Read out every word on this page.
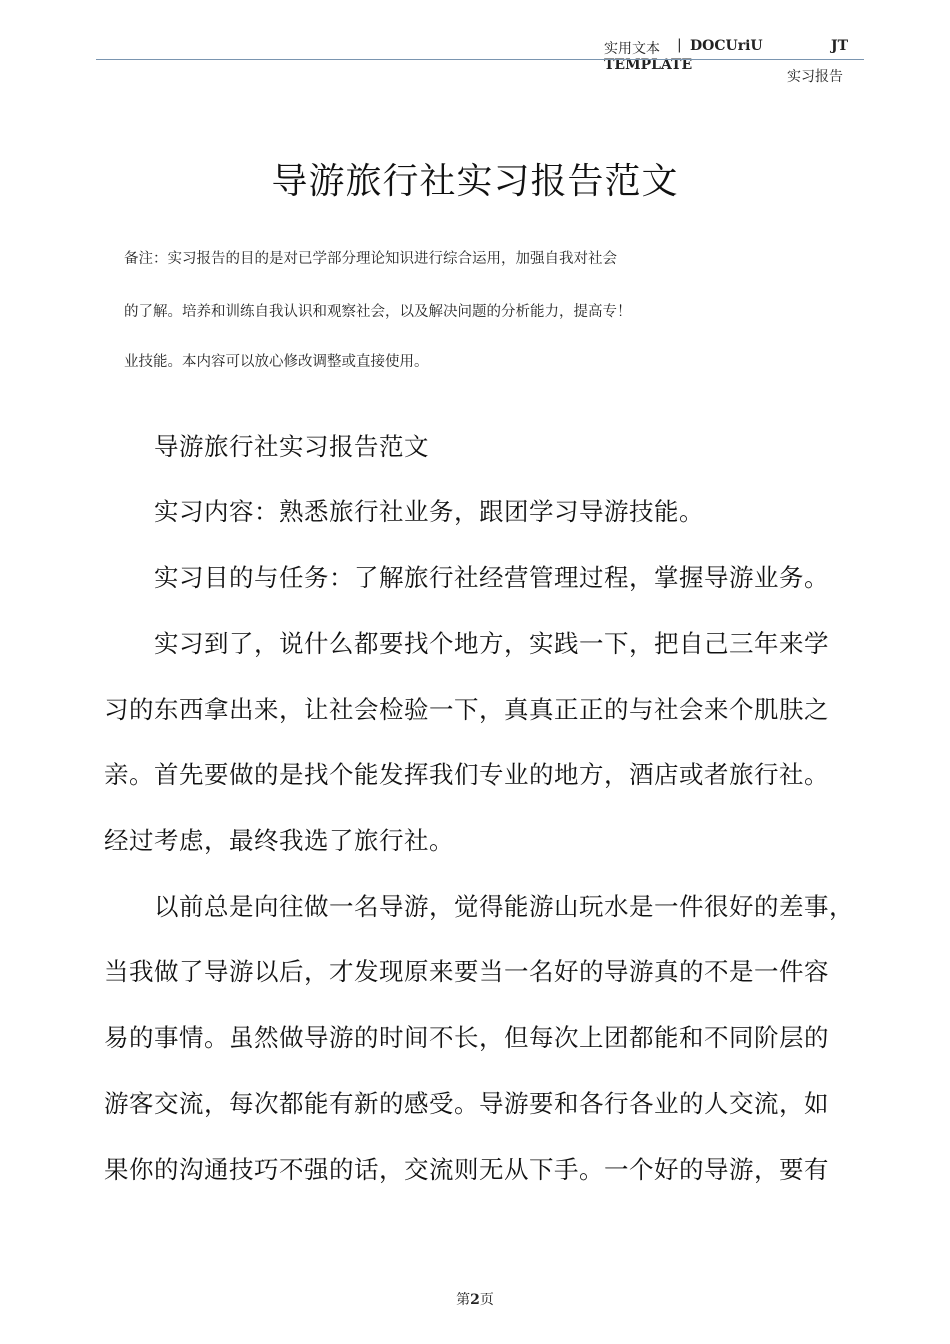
实用文本 | DOCUriU	JT
TEMPLATE
实习报告
导游旅行社实习报告范文
备注：实习报告的目的是对已学部分理论知识进行综合运用，加强自我对社会
的了解。培养和训练自我认识和观察社会，以及解决问题的分析能力，提高专！
业技能。本内容可以放心修改调整或直接使用。
导游旅行社实习报告范文
实习内容：熟悉旅行社业务，跟团学习导游技能。
实习目的与任务：了解旅行社经营管理过程，掌握导游业务。
实习到了，说什么都要找个地方，实践一下，把自己三年来学
习的东西拿出来，让社会检验一下，真真正正的与社会来个肌肤之
亲。首先要做的是找个能发挥我们专业的地方，酒店或者旅行社。
经过考虑，最终我选了旅行社。
以前总是向往做一名导游，觉得能游山玩水是一件很好的差事，
当我做了导游以后，才发现原来要当一名好的导游真的不是一件容
易的事情。虽然做导游的时间不长，但每次上团都能和不同阶层的
游客交流，每次都能有新的感受。导游要和各行各业的人交流，如
果你的沟通技巧不强的话，交流则无从下手。一个好的导游，要有
第2页
